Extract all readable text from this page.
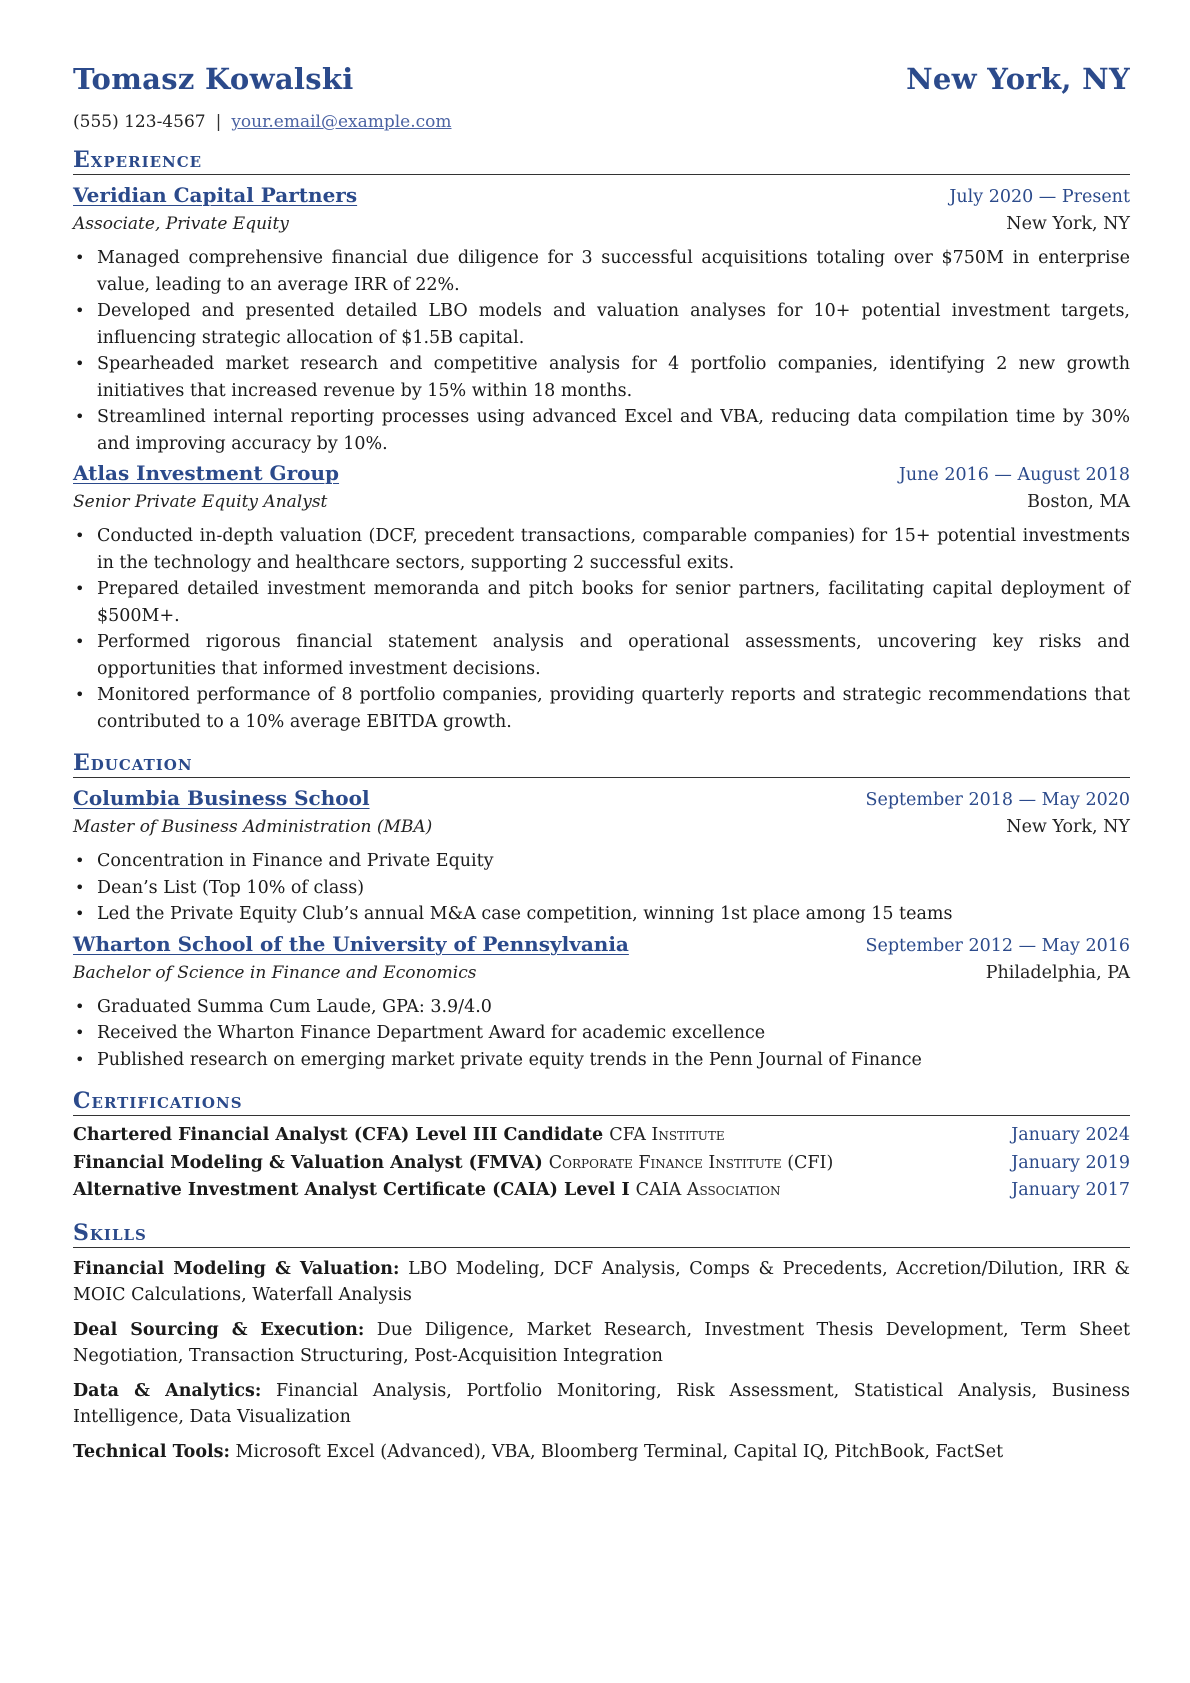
Tomasz Kowalski	New York, NY
(555) 123-4567 | your.email@example.com
Experience
Veridian Capital Partners	July 2020 — Present
Associate, Private Equity	New York, NY
• Managed comprehensive financial due diligence for 3 successful acquisitions totaling over $750M in enterprise value, leading to an average IRR of 22%.
• Developed and presented detailed LBO models and valuation analyses for 10+ potential investment targets, influencing strategic allocation of $1.5B capital.
• Spearheaded market research and competitive analysis for 4 portfolio companies, identifying 2 new growth initiatives that increased revenue by 15% within 18 months.
• Streamlined internal reporting processes using advanced Excel and VBA, reducing data compilation time by 30% and improving accuracy by 10%.
Atlas Investment Group	June 2016 — August 2018
Senior Private Equity Analyst	Boston, MA
• Conducted in-depth valuation (DCF, precedent transactions, comparable companies) for 15+ potential investments in the technology and healthcare sectors, supporting 2 successful exits.
• Prepared detailed investment memoranda and pitch books for senior partners, facilitating capital deployment of $500M+.
• Performed rigorous financial statement analysis and operational assessments, uncovering key risks and opportunities that informed investment decisions.
• Monitored performance of 8 portfolio companies, providing quarterly reports and strategic recommendations that contributed to a 10% average EBITDA growth.
Education
Columbia Business School	September 2018 — May 2020
Master of Business Administration (MBA)	New York, NY
• Concentration in Finance and Private Equity
• Dean’s List (Top 10% of class)
• Led the Private Equity Club’s annual M&A case competition, winning 1st place among 15 teams
Wharton School of the University of Pennsylvania	September 2012 — May 2016
Bachelor of Science in Finance and Economics	Philadelphia, PA
• Graduated Summa Cum Laude, GPA: 3.9/4.0
• Received the Wharton Finance Department Award for academic excellence
• Published research on emerging market private equity trends in the Penn Journal of Finance
Certifications
Chartered Financial Analyst (CFA) Level III Candidate CFA Institute	January 2024
Financial Modeling & Valuation Analyst (FMVA) Corporate Finance Institute (CFI)	January 2019
Alternative Investment Analyst Certificate (CAIA) Level I CAIA Association	January 2017
Skills
Financial Modeling & Valuation: LBO Modeling, DCF Analysis, Comps & Precedents, Accretion/Dilution, IRR & MOIC Calculations, Waterfall Analysis
Deal Sourcing & Execution: Due Diligence, Market Research, Investment Thesis Development, Term Sheet Negotiation, Transaction Structuring, Post-Acquisition Integration
Data & Analytics: Financial Analysis, Portfolio Monitoring, Risk Assessment, Statistical Analysis, Business Intelligence, Data Visualization
Technical Tools: Microsoft Excel (Advanced), VBA, Bloomberg Terminal, Capital IQ, PitchBook, FactSet
